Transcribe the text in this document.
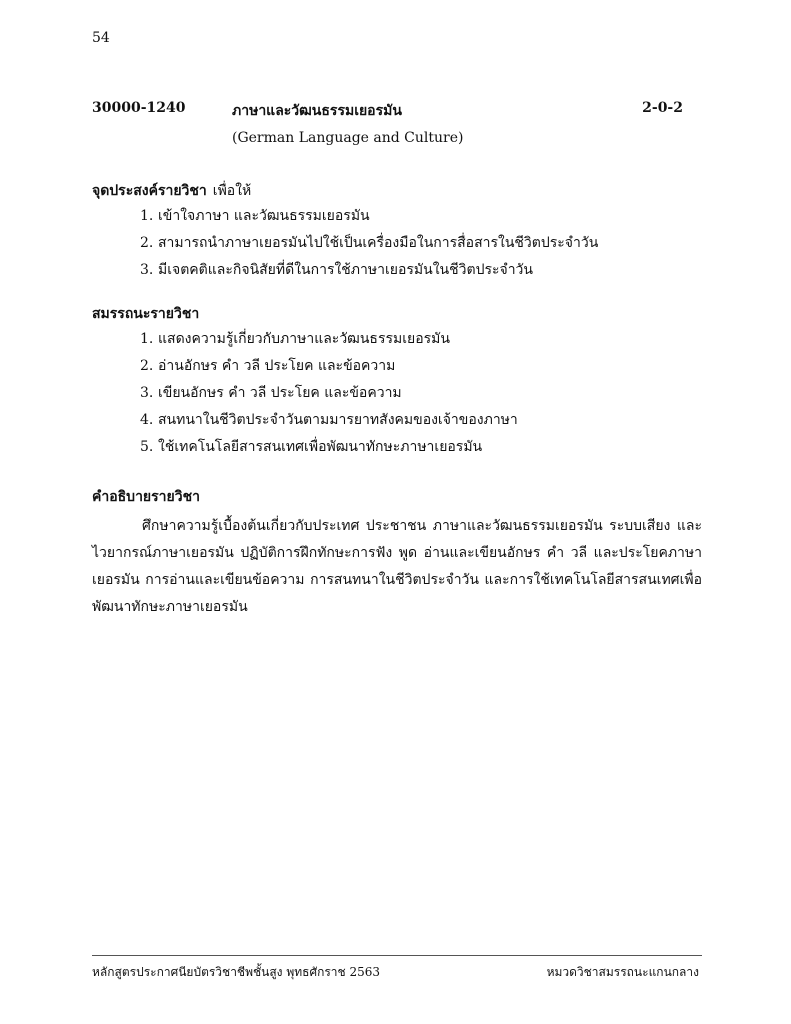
54
30000-1240	ภาษาและวัฒนธรรมเยอรมัน	2-0-2
(German Language and Culture)
จุดประสงค์รายวิชา เพื่อให้
1. เข้าใจภาษา และวัฒนธรรมเยอรมัน
2. สามารถนำภาษาเยอรมันไปใช้เป็นเครื่องมือในการสื่อสารในชีวิตประจำวัน
3. มีเจตคติและกิจนิสัยที่ดีในการใช้ภาษาเยอรมันในชีวิตประจำวัน
สมรรถนะรายวิชา
1. แสดงความรู้เกี่ยวกับภาษาและวัฒนธรรมเยอรมัน
2. อ่านอักษร คำ วลี ประโยค และข้อความ
3. เขียนอักษร คำ วลี ประโยค และข้อความ
4. สนทนาในชีวิตประจำวันตามมารยาทสังคมของเจ้าของภาษา
5. ใช้เทคโนโลยีสารสนเทศเพื่อพัฒนาทักษะภาษาเยอรมัน
คำอธิบายรายวิชา

ศึกษาความรู้เบื้องต้นเกี่ยวกับประเทศ ประชาชน ภาษาและวัฒนธรรมเยอรมัน ระบบเสียง และไวยากรณ์ภาษาเยอรมัน ปฏิบัติการฝึกทักษะการฟัง พูด อ่านและเขียนอักษร คำ วลี และประโยคภาษาเยอรมัน การอ่านและเขียนข้อความ การสนทนาในชีวิตประจำวัน และการใช้เทคโนโลยีสารสนเทศเพื่อพัฒนาทักษะภาษาเยอรมัน

หลักสูตรประกาศนียบัตรวิชาชีพชั้นสูง พุทธศักราช 2563	หมวดวิชาสมรรถนะแกนกลาง
